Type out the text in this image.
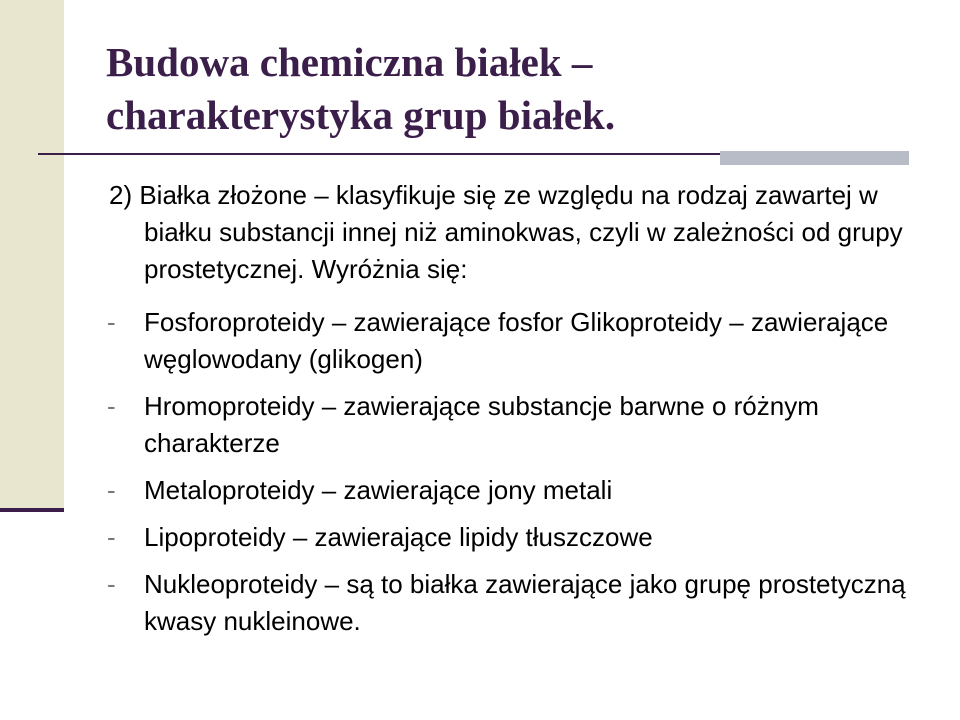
Budowa chemiczna białek –
charakterystyka grup białek.

2) Białka złożone – klasyfikuje się ze względu na rodzaj zawartej w białku substancji innej niż aminokwas, czyli w zależności od grupy prostetycznej. Wyróżnia się:

- Fosforoproteidy – zawierające fosfor Glikoproteidy – zawierające węglowodany (glikogen)
- Hromoproteidy – zawierające substancje barwne o różnym charakterze
- Metaloproteidy – zawierające jony metali
- Lipoproteidy – zawierające lipidy tłuszczowe
- Nukleoproteidy – są to białka zawierające jako grupę prostetyczną kwasy nukleinowe.
